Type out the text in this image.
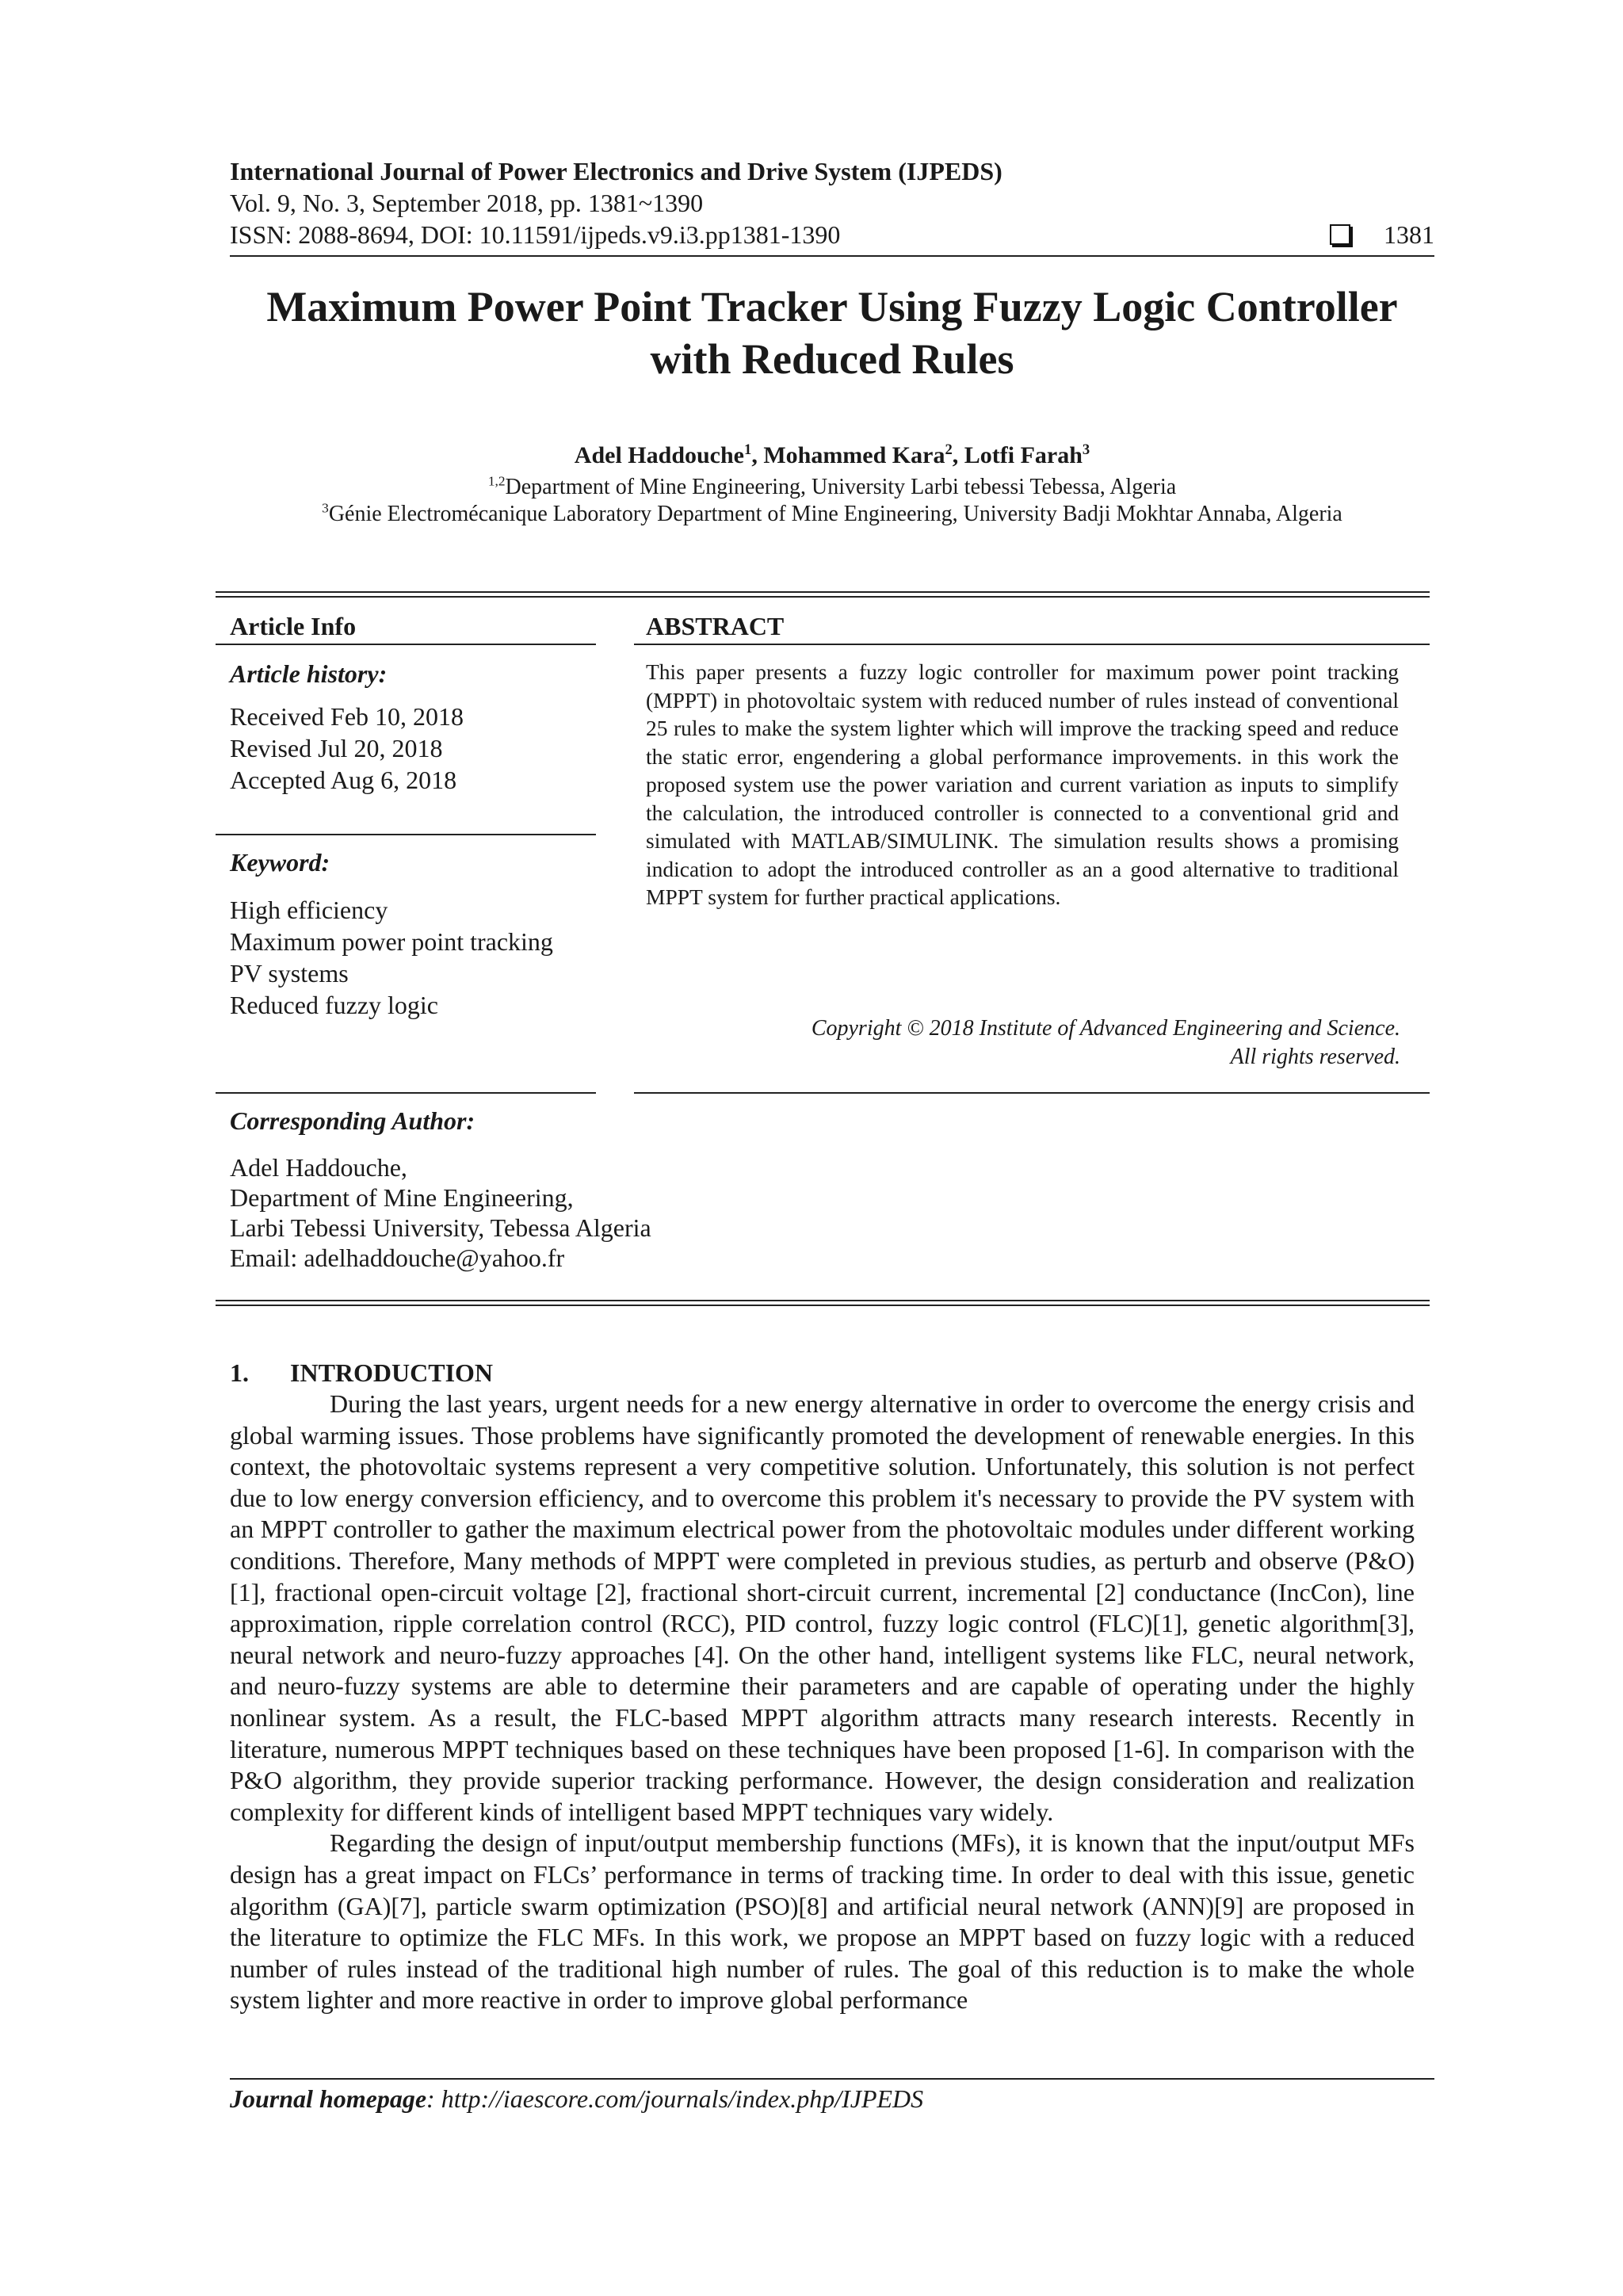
International Journal of Power Electronics and Drive System (IJPEDS)
Vol. 9, No. 3, September 2018, pp. 1381~1390
ISSN: 2088-8694, DOI: 10.11591/ijpeds.v9.i3.pp1381-1390	1381
Maximum Power Point Tracker Using Fuzzy Logic Controller
with Reduced Rules
Adel Haddouche$^1$, Mohammed Kara$^2$, Lotfi Farah$^3$
$^{1,2}$Department of Mine Engineering, University Larbi tebessi Tebessa, Algeria
$^3$Génie Electromécanique Laboratory Department of Mine Engineering, University Badji Mokhtar Annaba, Algeria
Article Info	ABSTRACT
Article history:
Received Feb 10, 2018
Revised Jul 20, 2018
Accepted Aug 6, 2018
Keyword:
High efficiency
Maximum power point tracking
PV systems
Reduced fuzzy logic
This paper presents a fuzzy logic controller for maximum power point tracking (MPPT) in photovoltaic system with reduced number of rules instead of conventional 25 rules to make the system lighter which will improve the tracking speed and reduce the static error, engendering a global performance improvements. in this work the proposed system use the power variation and current variation as inputs to simplify the calculation, the introduced controller is connected to a conventional grid and simulated with MATLAB/SIMULINK. The simulation results shows a promising indication to adopt the introduced controller as an a good alternative to traditional MPPT system for further practical applications.
Copyright © 2018 Institute of Advanced Engineering and Science.
All rights reserved.
Corresponding Author:
Adel Haddouche,
Department of Mine Engineering,
Larbi Tebessi University, Tebessa Algeria
Email: adelhaddouche@yahoo.fr
1. INTRODUCTION

During the last years, urgent needs for a new energy alternative in order to overcome the energy crisis and global warming issues. Those problems have significantly promoted the development of renewable energies. In this context, the photovoltaic systems represent a very competitive solution. Unfortunately, this solution is not perfect due to low energy conversion efficiency, and to overcome this problem it's necessary to provide the PV system with an MPPT controller to gather the maximum electrical power from the photovoltaic modules under different working conditions. Therefore, Many methods of MPPT were completed in previous studies, as perturb and observe (P&O) [1], fractional open-circuit voltage [2], fractional short-circuit current, incremental [2] conductance (IncCon), line approximation, ripple correlation control (RCC), PID control, fuzzy logic control (FLC)[1], genetic algorithm[3], neural network and neuro-fuzzy approaches [4]. On the other hand, intelligent systems like FLC, neural network, and neuro-fuzzy systems are able to determine their parameters and are capable of operating under the highly nonlinear system. As a result, the FLC-based MPPT algorithm attracts many research interests. Recently in literature, numerous MPPT techniques based on these techniques have been proposed [1-6]. In comparison with the P&O algorithm, they provide superior tracking performance. However, the design consideration and realization complexity for different kinds of intelligent based MPPT techniques vary widely.

Regarding the design of input/output membership functions (MFs), it is known that the input/output MFs design has a great impact on FLCs’ performance in terms of tracking time. In order to deal with this issue, genetic algorithm (GA)[7], particle swarm optimization (PSO)[8] and artificial neural network (ANN)[9] are proposed in the literature to optimize the FLC MFs. In this work, we propose an MPPT based on fuzzy logic with a reduced number of rules instead of the traditional high number of rules. The goal of this reduction is to make the whole system lighter and more reactive in order to improve global performance

Journal homepage: http://iaescore.com/journals/index.php/IJPEDS
